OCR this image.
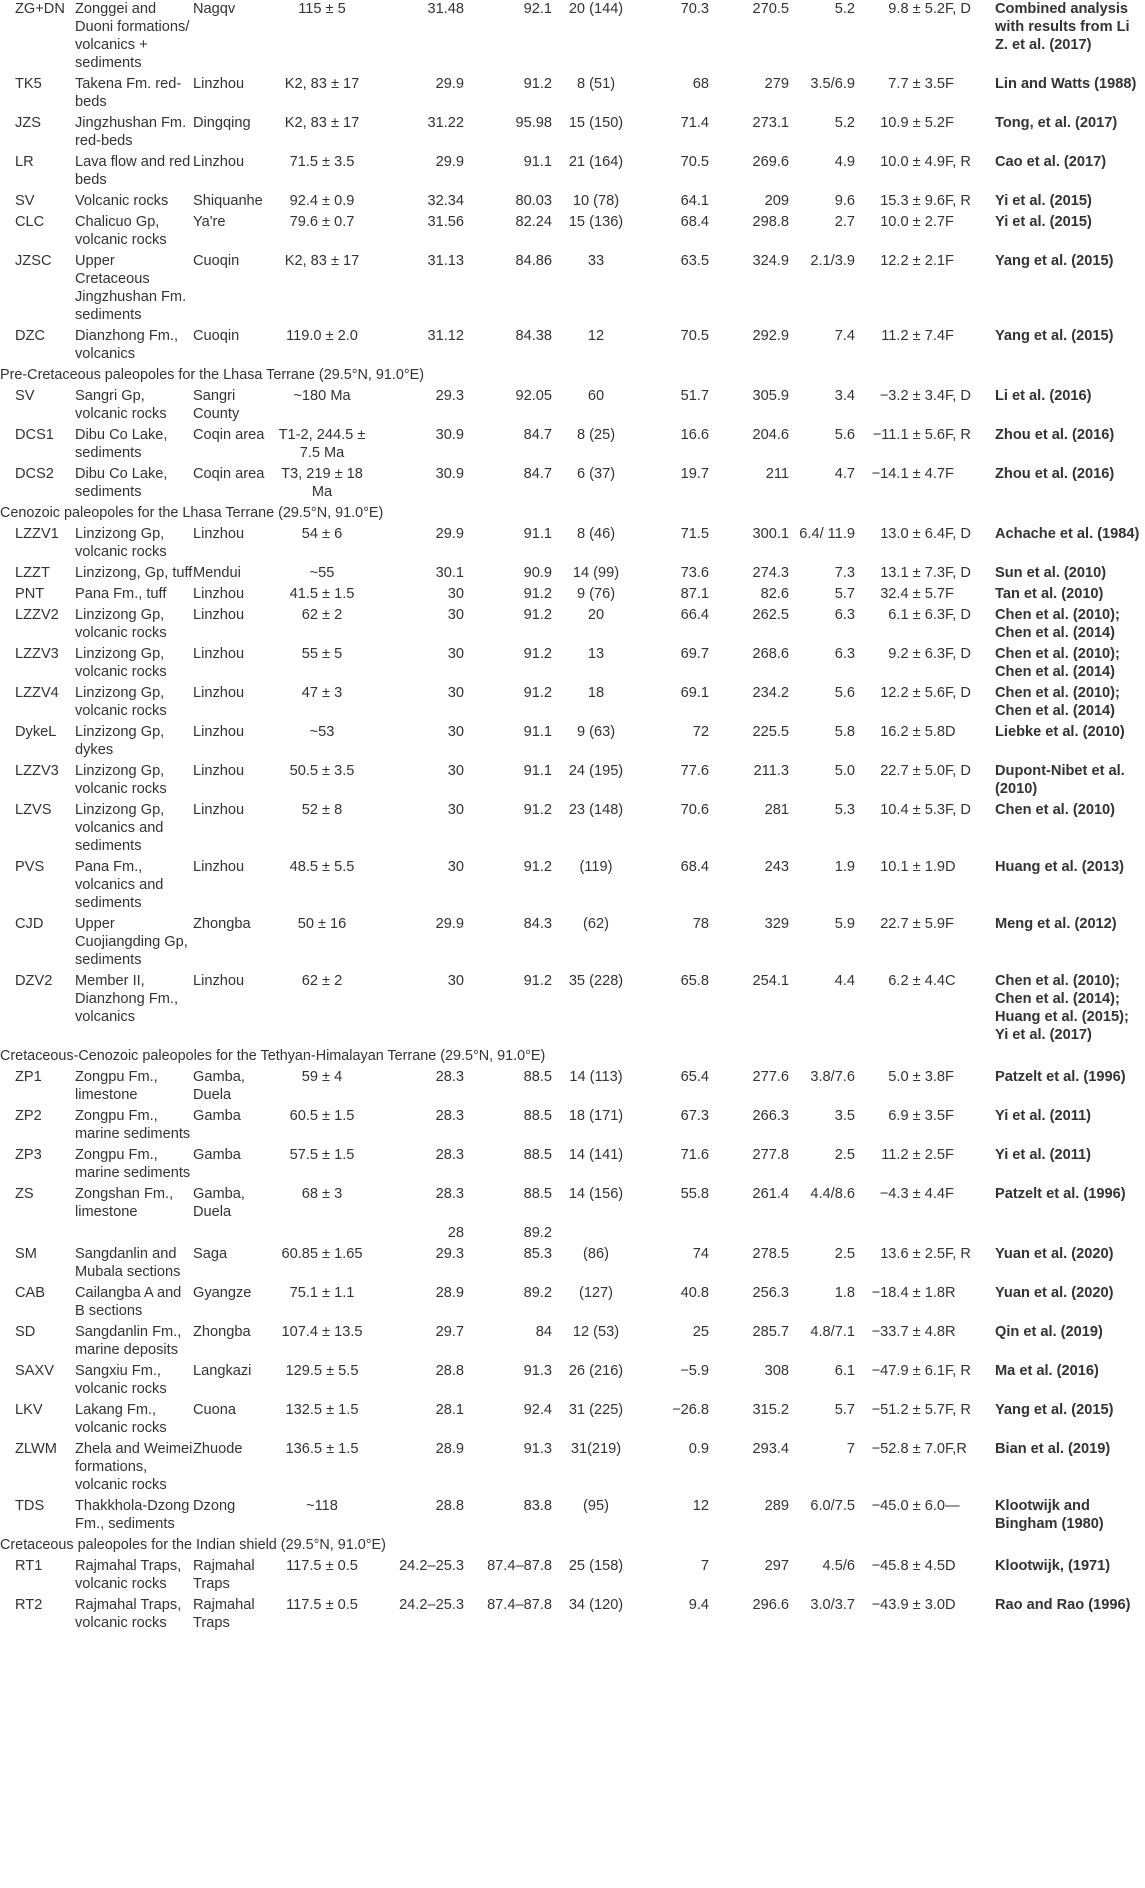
ZG+DN	Zonggei and Duoni formations/ volcanics + sediments	Nagqv	115 ± 5	31.48	92.1	20 (144)	70.3	270.5	5.2	9.8 ± 5.2	F, D	Combined analysis with results from Li Z. et al. (2017)
TK5	Takena Fm. red-beds	Linzhou	K2, 83 ± 17	29.9	91.2	8 (51)	68	279	3.5/6.9	7.7 ± 3.5	F	Lin and Watts (1988)
JZS	Jingzhushan Fm. red-beds	Dingqing	K2, 83 ± 17	31.22	95.98	15 (150)	71.4	273.1	5.2	10.9 ± 5.2	F	Tong, et al. (2017)
LR	Lava flow and red beds	Linzhou	71.5 ± 3.5	29.9	91.1	21 (164)	70.5	269.6	4.9	10.0 ± 4.9	F, R	Cao et al. (2017)
SV	Volcanic rocks	Shiquanhe	92.4 ± 0.9	32.34	80.03	10 (78)	64.1	209	9.6	15.3 ± 9.6	F, R	Yi et al. (2015)
CLC	Chalicuo Gp, volcanic rocks	Ya're	79.6 ± 0.7	31.56	82.24	15 (136)	68.4	298.8	2.7	10.0 ± 2.7	F	Yi et al. (2015)
JZSC	Upper Cretaceous Jingzhushan Fm. sediments	Cuoqin	K2, 83 ± 17	31.13	84.86	33	63.5	324.9	2.1/3.9	12.2 ± 2.1	F	Yang et al. (2015)
DZC	Dianzhong Fm., volcanics	Cuoqin	119.0 ± 2.0	31.12	84.38	12	70.5	292.9	7.4	11.2 ± 7.4	F	Yang et al. (2015)
Pre-Cretaceous paleopoles for the Lhasa Terrane (29.5°N, 91.0°E)												
SV	Sangri Gp, volcanic rocks	Sangri County	~180 Ma	29.3	92.05	60	51.7	305.9	3.4	−3.2 ± 3.4	F, D	Li et al. (2016)
DCS1	Dibu Co Lake, sediments	Coqin area	T1-2, 244.5 ± 7.5 Ma	30.9	84.7	8 (25)	16.6	204.6	5.6	−11.1 ± 5.6	F, R	Zhou et al. (2016)
DCS2	Dibu Co Lake, sediments	Coqin area	T3, 219 ± 18 Ma	30.9	84.7	6 (37)	19.7	211	4.7	−14.1 ± 4.7	F	Zhou et al. (2016)
Cenozoic paleopoles for the Lhasa Terrane (29.5°N, 91.0°E)												
LZZV1	Linzizong Gp, volcanic rocks	Linzhou	54 ± 6	29.9	91.1	8 (46)	71.5	300.1	6.4/ 11.9	13.0 ± 6.4	F, D	Achache et al. (1984)
LZZT	Linzizong, Gp, tuff	Mendui	~55	30.1	90.9	14 (99)	73.6	274.3	7.3	13.1 ± 7.3	F, D	Sun et al. (2010)
PNT	Pana Fm., tuff	Linzhou	41.5 ± 1.5	30	91.2	9 (76)	87.1	82.6	5.7	32.4 ± 5.7	F	Tan et al. (2010)
LZZV2	Linzizong Gp, volcanic rocks	Linzhou	62 ± 2	30	91.2	20	66.4	262.5	6.3	6.1 ± 6.3	F, D	Chen et al. (2010); Chen et al. (2014)
LZZV3	Linzizong Gp, volcanic rocks	Linzhou	55 ± 5	30	91.2	13	69.7	268.6	6.3	9.2 ± 6.3	F, D	Chen et al. (2010); Chen et al. (2014)
LZZV4	Linzizong Gp, volcanic rocks	Linzhou	47 ± 3	30	91.2	18	69.1	234.2	5.6	12.2 ± 5.6	F, D	Chen et al. (2010); Chen et al. (2014)
DykeL	Linzizong Gp, dykes	Linzhou	~53	30	91.1	9 (63)	72	225.5	5.8	16.2 ± 5.8	D	Liebke et al. (2010)
LZZV3	Linzizong Gp, volcanic rocks	Linzhou	50.5 ± 3.5	30	91.1	24 (195)	77.6	211.3	5.0	22.7 ± 5.0	F, D	Dupont-Nibet et al. (2010)
LZVS	Linzizong Gp, volcanics and sediments	Linzhou	52 ± 8	30	91.2	23 (148)	70.6	281	5.3	10.4 ± 5.3	F, D	Chen et al. (2010)
PVS	Pana Fm., volcanics and sediments	Linzhou	48.5 ± 5.5	30	91.2	(119)	68.4	243	1.9	10.1 ± 1.9	D	Huang et al. (2013)
CJD	Upper Cuojiangding Gp, sediments	Zhongba	50 ± 16	29.9	84.3	(62)	78	329	5.9	22.7 ± 5.9	F	Meng et al. (2012)
DZV2	Member II, Dianzhong Fm., volcanics	Linzhou	62 ± 2	30	91.2	35 (228)	65.8	254.1	4.4	6.2 ± 4.4	C	Chen et al. (2010); Chen et al. (2014); Huang et al. (2015); Yi et al. (2017)
Cretaceous-Cenozoic paleopoles for the Tethyan-Himalayan Terrane (29.5°N, 91.0°E)												
ZP1	Zongpu Fm., limestone	Gamba, Duela	59 ± 4	28.3	88.5	14 (113)	65.4	277.6	3.8/7.6	5.0 ± 3.8	F	Patzelt et al. (1996)
ZP2	Zongpu Fm., marine sediments	Gamba	60.5 ± 1.5	28.3	88.5	18 (171)	67.3	266.3	3.5	6.9 ± 3.5	F	Yi et al. (2011)
ZP3	Zongpu Fm., marine sediments	Gamba	57.5 ± 1.5	28.3	88.5	14 (141)	71.6	277.8	2.5	11.2 ± 2.5	F	Yi et al. (2011)
ZS	Zongshan Fm., limestone	Gamba, Duela	68 ± 3	28.3	88.5	14 (156)	55.8	261.4	4.4/8.6	−4.3 ± 4.4	F	Patzelt et al. (1996)
				28	89.2							
SM	Sangdanlin and Mubala sections	Saga	60.85 ± 1.65	29.3	85.3	(86)	74	278.5	2.5	13.6 ± 2.5	F, R	Yuan et al. (2020)
CAB	Cailangba A and B sections	Gyangze	75.1 ± 1.1	28.9	89.2	(127)	40.8	256.3	1.8	−18.4 ± 1.8	R	Yuan et al. (2020)
SD	Sangdanlin Fm., marine deposits	Zhongba	107.4 ± 13.5	29.7	84	12 (53)	25	285.7	4.8/7.1	−33.7 ± 4.8	R	Qin et al. (2019)
SAXV	Sangxiu Fm., volcanic rocks	Langkazi	129.5 ± 5.5	28.8	91.3	26 (216)	−5.9	308	6.1	−47.9 ± 6.1	F, R	Ma et al. (2016)
LKV	Lakang Fm., volcanic rocks	Cuona	132.5 ± 1.5	28.1	92.4	31 (225)	−26.8	315.2	5.7	−51.2 ± 5.7	F, R	Yang et al. (2015)
ZLWM	Zhela and Weimei formations, volcanic rocks	Zhuode	136.5 ± 1.5	28.9	91.3	31(219)	0.9	293.4	7	−52.8 ± 7.0	F,R	Bian et al. (2019)
TDS	Thakkhola-Dzong Fm., sediments	Dzong	~118	28.8	83.8	(95)	12	289	6.0/7.5	−45.0 ± 6.0	—	Klootwijk and Bingham (1980)
Cretaceous paleopoles for the Indian shield (29.5°N, 91.0°E)												
RT1	Rajmahal Traps, volcanic rocks	Rajmahal Traps	117.5 ± 0.5	24.2–25.3	87.4–87.8	25 (158)	7	297	4.5/6	−45.8 ± 4.5	D	Klootwijk, (1971)
RT2	Rajmahal Traps, volcanic rocks	Rajmahal Traps	117.5 ± 0.5	24.2–25.3	87.4–87.8	34 (120)	9.4	296.6	3.0/3.7	−43.9 ± 3.0	D	Rao and Rao (1996)
